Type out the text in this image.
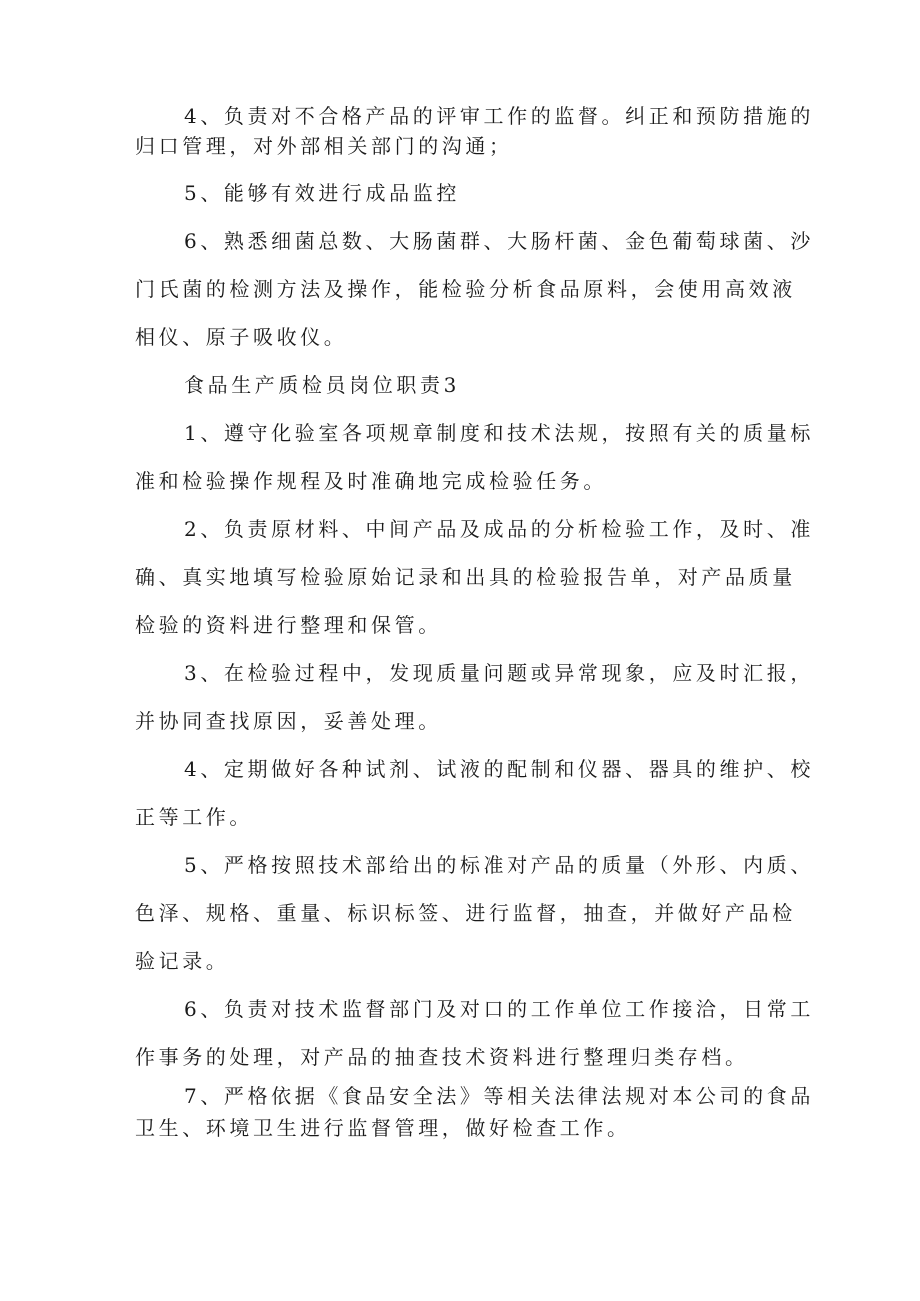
4、负责对不合格产品的评审工作的监督。纠正和预防措施的

归口管理，对外部相关部门的沟通；

5、能够有效进行成品监控

6、熟悉细菌总数、大肠菌群、大肠杆菌、金色葡萄球菌、沙

门氏菌的检测方法及操作，能检验分析食品原料，会使用高效液

相仪、原子吸收仪。

食品生产质检员岗位职责3

1、遵守化验室各项规章制度和技术法规，按照有关的质量标

准和检验操作规程及时准确地完成检验任务。

2、负责原材料、中间产品及成品的分析检验工作，及时、准

确、真实地填写检验原始记录和出具的检验报告单，对产品质量

检验的资料进行整理和保管。

3、在检验过程中，发现质量问题或异常现象，应及时汇报，

并协同查找原因，妥善处理。

4、定期做好各种试剂、试液的配制和仪器、器具的维护、校

正等工作。

5、严格按照技术部给出的标准对产品的质量（外形、内质、

色泽、规格、重量、标识标签、进行监督，抽查，并做好产品检

验记录。

6、负责对技术监督部门及对口的工作单位工作接洽，日常工

作事务的处理，对产品的抽查技术资料进行整理归类存档。

7、严格依据《食品安全法》等相关法律法规对本公司的食品

卫生、环境卫生进行监督管理，做好检查工作。
